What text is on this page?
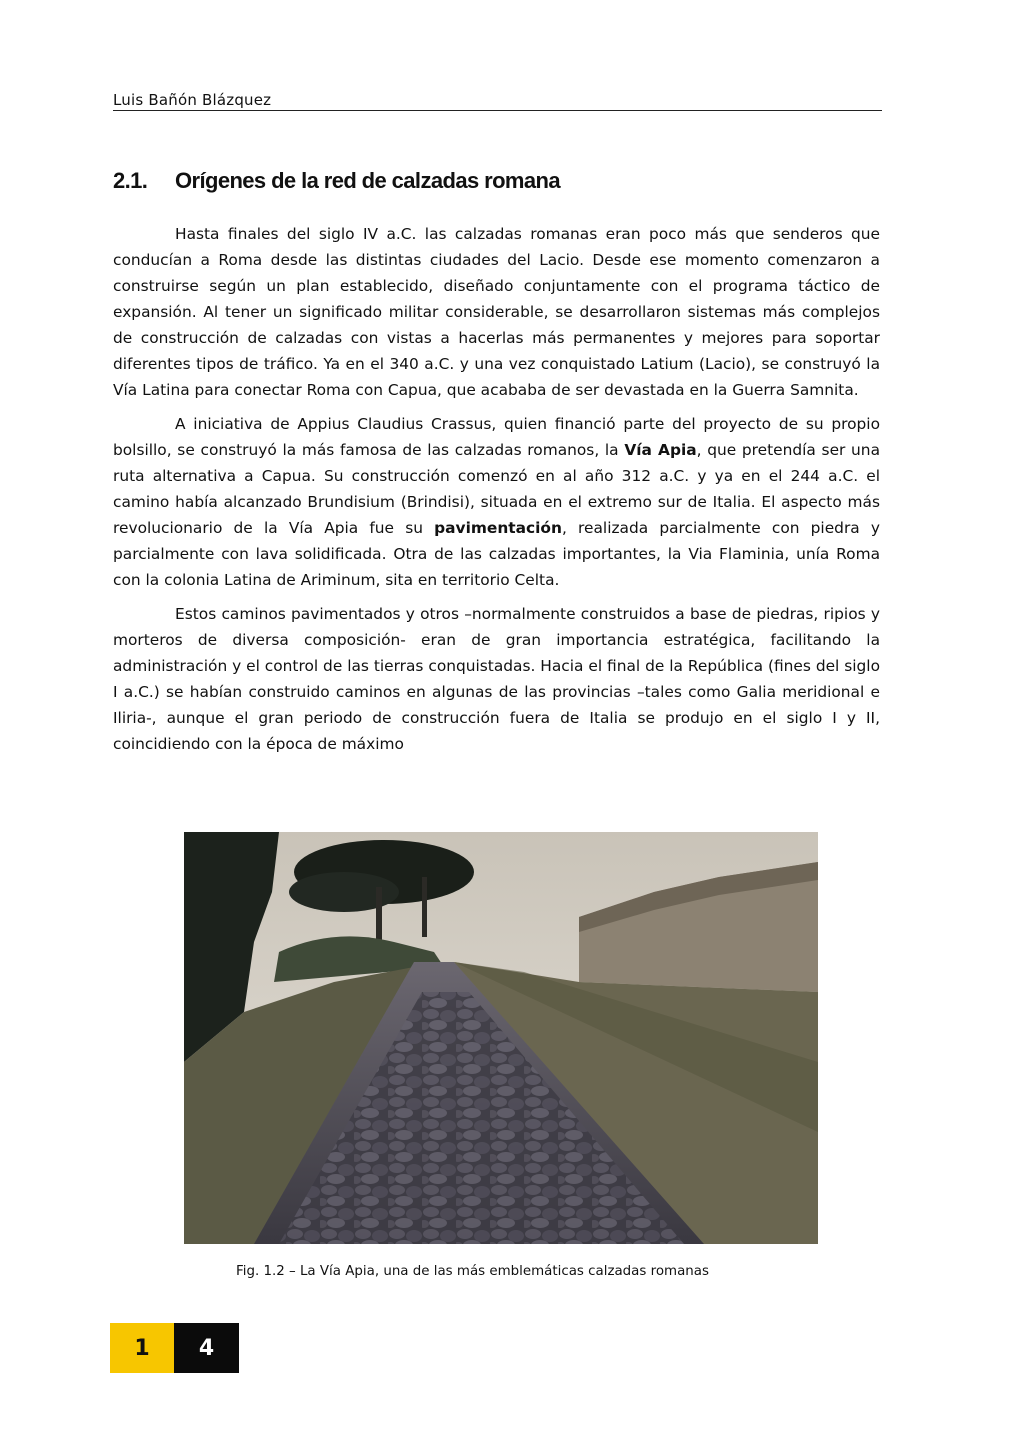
Luis Bañón Blázquez
2.1. Orígenes de la red de calzadas romana

Hasta finales del siglo IV a.C. las calzadas romanas eran poco más que senderos que conducían a Roma desde las distintas ciudades del Lacio. Desde ese momento comenzaron a construirse según un plan establecido, diseñado conjuntamente con el programa táctico de expansión. Al tener un significado militar considerable, se desarrollaron sistemas más complejos de construcción de calzadas con vistas a hacerlas más permanentes y mejores para soportar diferentes tipos de tráfico. Ya en el 340 a.C. y una vez conquistado Latium (Lacio), se construyó la Vía Latina para conectar Roma con Capua, que acababa de ser devastada en la Guerra Samnita.

A iniciativa de Appius Claudius Crassus, quien financió parte del proyecto de su propio bolsillo, se construyó la más famosa de las calzadas romanos, la Vía Apia, que pretendía ser una ruta alternativa a Capua. Su construcción comenzó en al año 312 a.C. y ya en el 244 a.C. el camino había alcanzado Brundisium (Brindisi), situada en el extremo sur de Italia. El aspecto más revolucionario de la Vía Apia fue su pavimentación, realizada parcialmente con piedra y parcialmente con lava solidificada. Otra de las calzadas importantes, la Via Flaminia, unía Roma con la colonia Latina de Ariminum, sita en territorio Celta.

Estos caminos pavimentados y otros –normalmente construidos a base de piedras, ripios y morteros de diversa composición- eran de gran importancia estratégica, facilitando la administración y el control de las tierras conquistadas. Hacia el final de la República (fines del siglo I a.C.) se habían construido caminos en algunas de las provincias –tales como Galia meridional e Iliria-, aunque el gran periodo de construcción fuera de Italia se produjo en el siglo I y II, coincidiendo con la época de máximo

Fig. 1.2 – La Vía Apia, una de las más emblemáticas calzadas romanas
1	4
